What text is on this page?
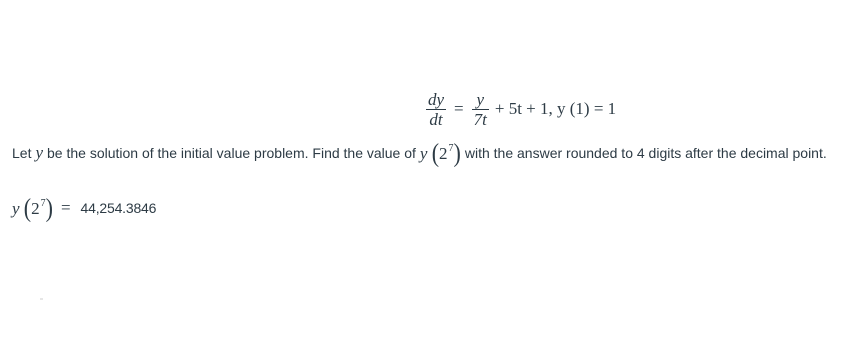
$\frac{dy}{dt} = \frac{y}{7t} + 5t + 1$, y (1) = 1
Let y be the solution of the initial value problem. Find the value of y $(2^7)$ with the answer rounded to 4 digits after the decimal point.
y $(2^7) = 44,254.3846$
